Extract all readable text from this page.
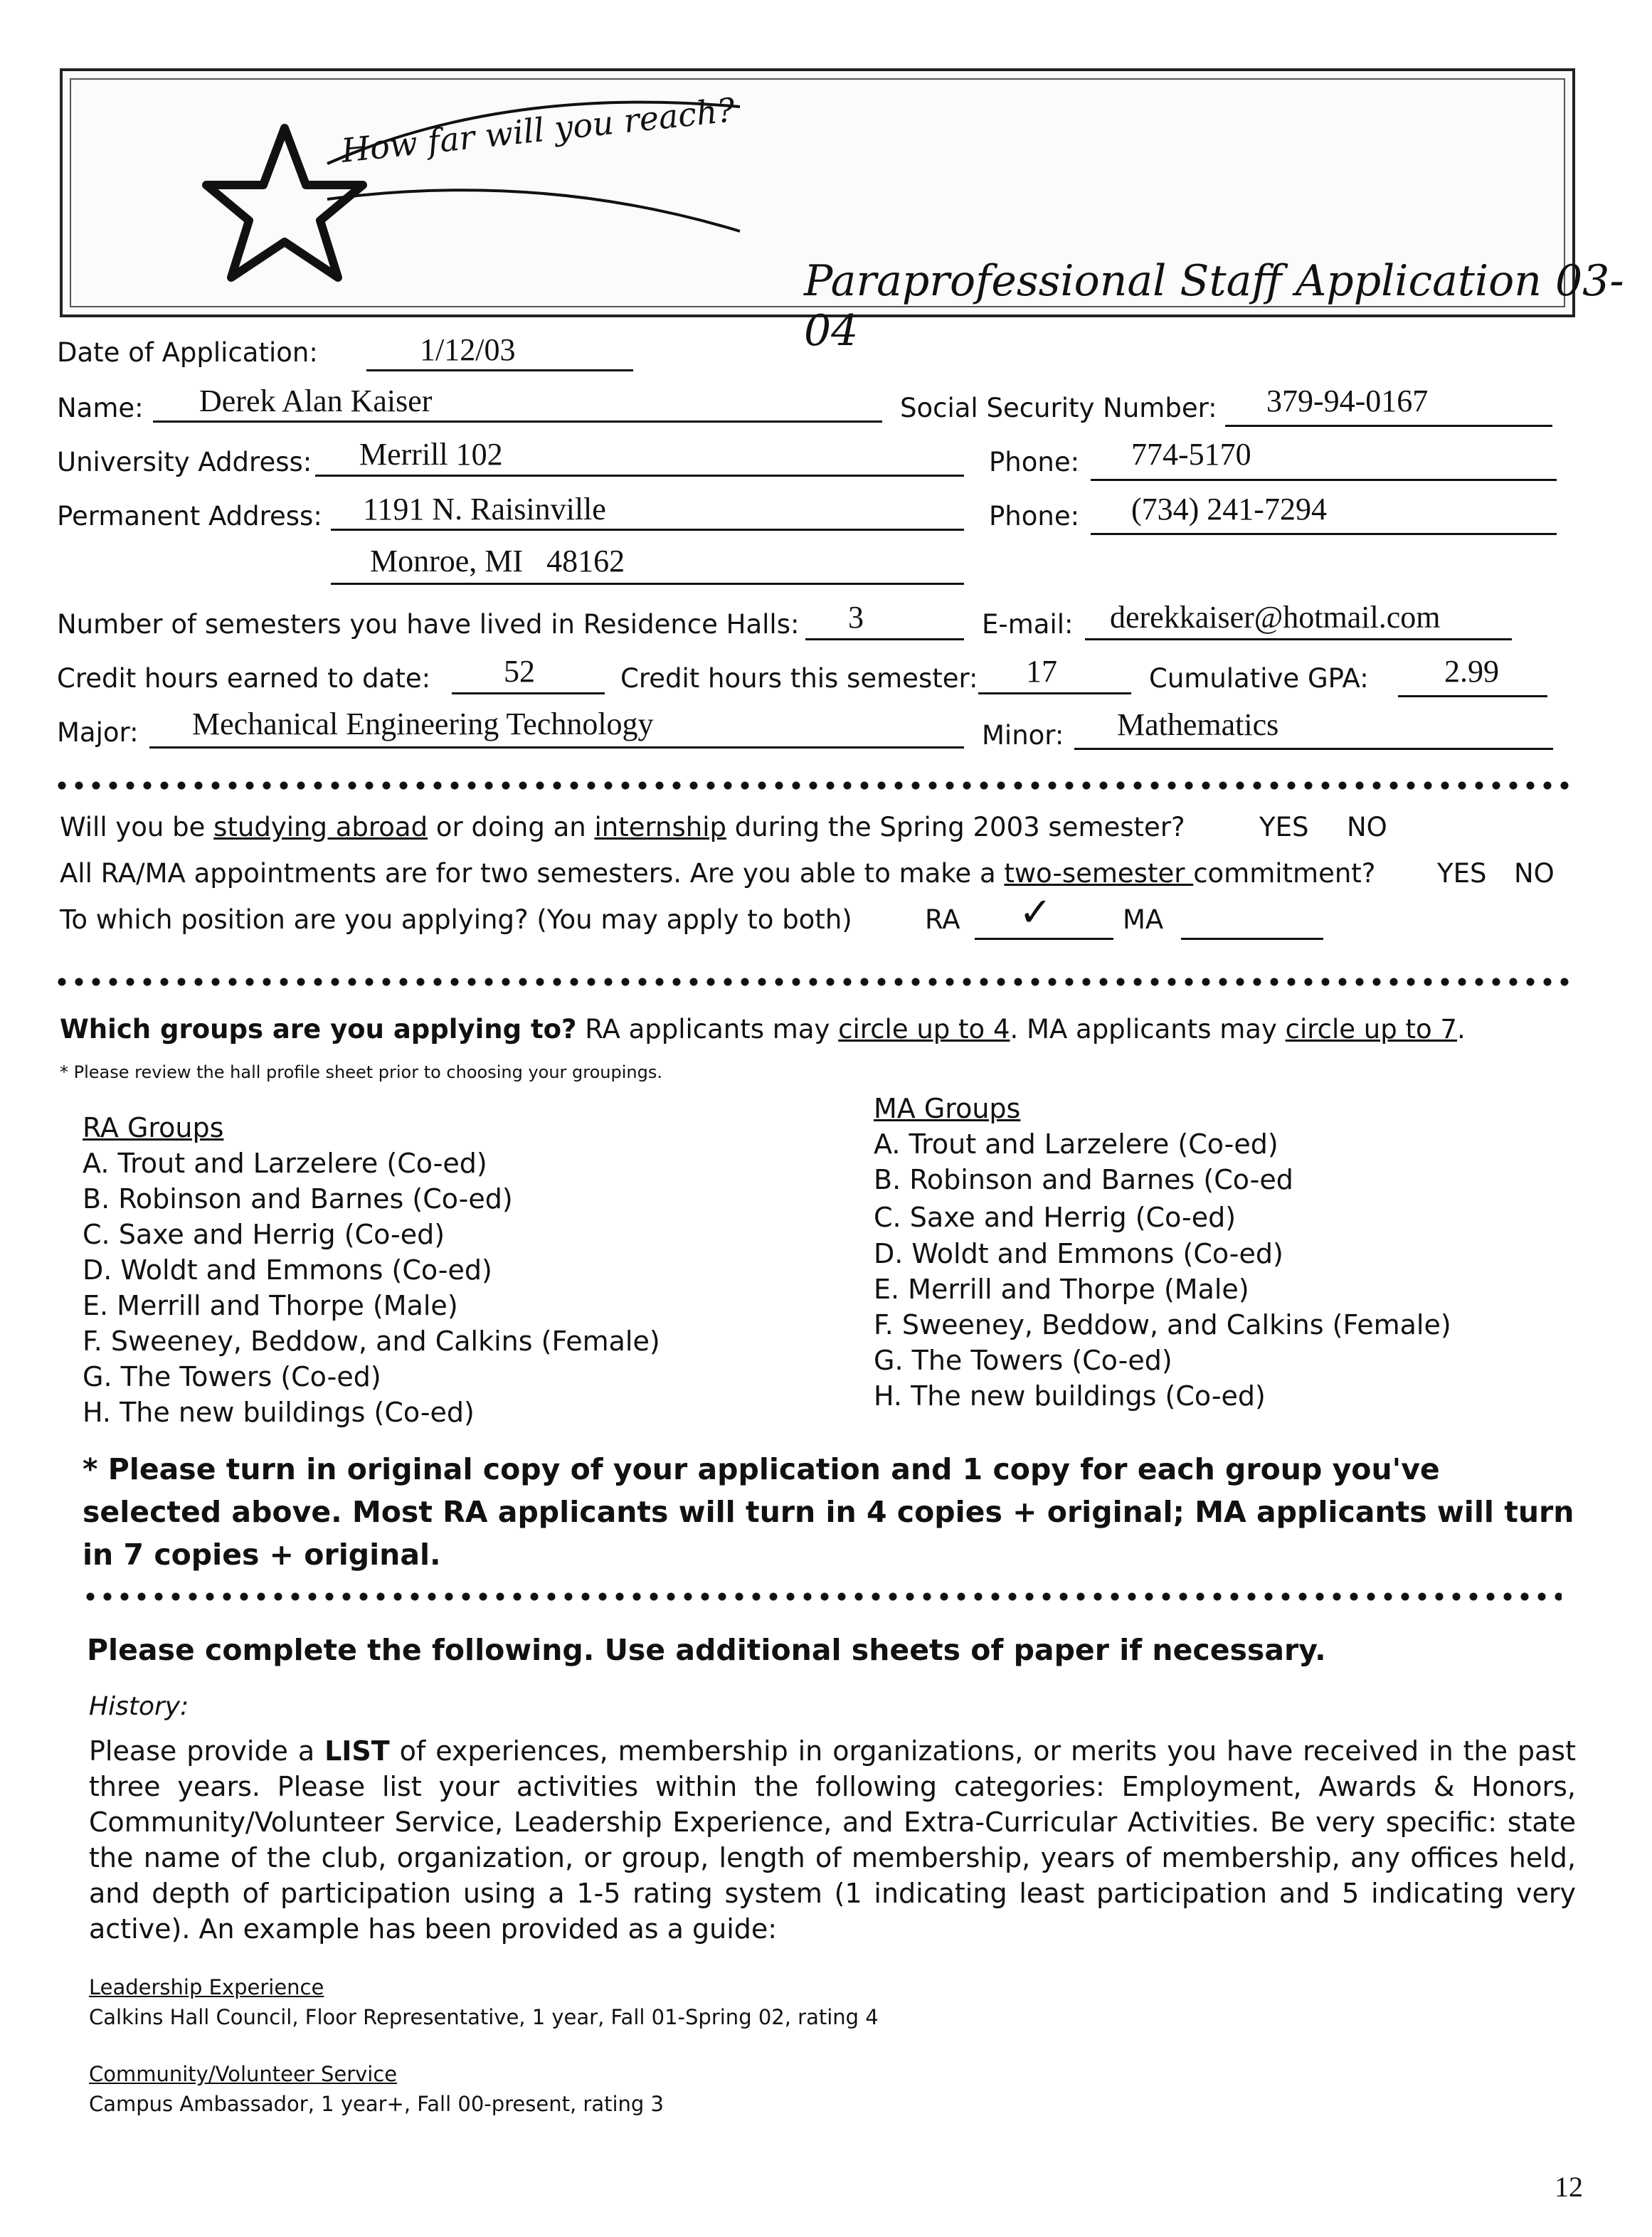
How far will you reach?
Paraprofessional Staff Application 03-04
Date of Application:	1/12/03
Name: Derek Alan Kaiser	Social Security Number: 379-94-0167
University Address: Merrill 102	Phone: 774-5170
Permanent Address: 1191 N. Raisinville	Phone: (734) 241-7294
Monroe, MI   48162
Number of semesters you have lived in Residence Halls: 3	E-mail: derekkaiser@hotmail.com
Credit hours earned to date: 52	Credit hours this semester: 17	Cumulative GPA: 2.99
Major: Mechanical Engineering Technology	Minor: Mathematics
Will you be studying abroad or doing an internship during the Spring 2003 semester?	YES NO
All RA/MA appointments are for two semesters. Are you able to make a two-semester commitment? YES NO
To which position are you applying? (You may apply to both)	RA ✓	MA
Which groups are you applying to? RA applicants may circle up to 4. MA applicants may circle up to 7.
* Please review the hall profile sheet prior to choosing your groupings.
RA Groups
A. Trout and Larzelere (Co-ed)
B. Robinson and Barnes (Co-ed)
C. Saxe and Herrig (Co-ed)
D. Woldt and Emmons (Co-ed)
E. Merrill and Thorpe (Male)
F. Sweeney, Beddow, and Calkins (Female)
G. The Towers (Co-ed)
H. The new buildings (Co-ed)
MA Groups
A. Trout and Larzelere (Co-ed)
B. Robinson and Barnes (Co-ed
C. Saxe and Herrig (Co-ed)
D. Woldt and Emmons (Co-ed)
E. Merrill and Thorpe (Male)
F. Sweeney, Beddow, and Calkins (Female)
G. The Towers (Co-ed)
H. The new buildings (Co-ed)
* Please turn in original copy of your application and 1 copy for each group you've selected above. Most RA applicants will turn in 4 copies + original; MA applicants will turn in 7 copies + original.
Please complete the following. Use additional sheets of paper if necessary.
History:
Please provide a LIST of experiences, membership in organizations, or merits you have received in the past three years. Please list your activities within the following categories: Employment, Awards & Honors, Community/Volunteer Service, Leadership Experience, and Extra-Curricular Activities. Be very specific: state the name of the club, organization, or group, length of membership, years of membership, any offices held, and depth of participation using a 1-5 rating system (1 indicating least participation and 5 indicating very active). An example has been provided as a guide:
Leadership Experience
Calkins Hall Council, Floor Representative, 1 year, Fall 01-Spring 02, rating 4
Community/Volunteer Service
Campus Ambassador, 1 year+, Fall 00-present, rating 3
12
